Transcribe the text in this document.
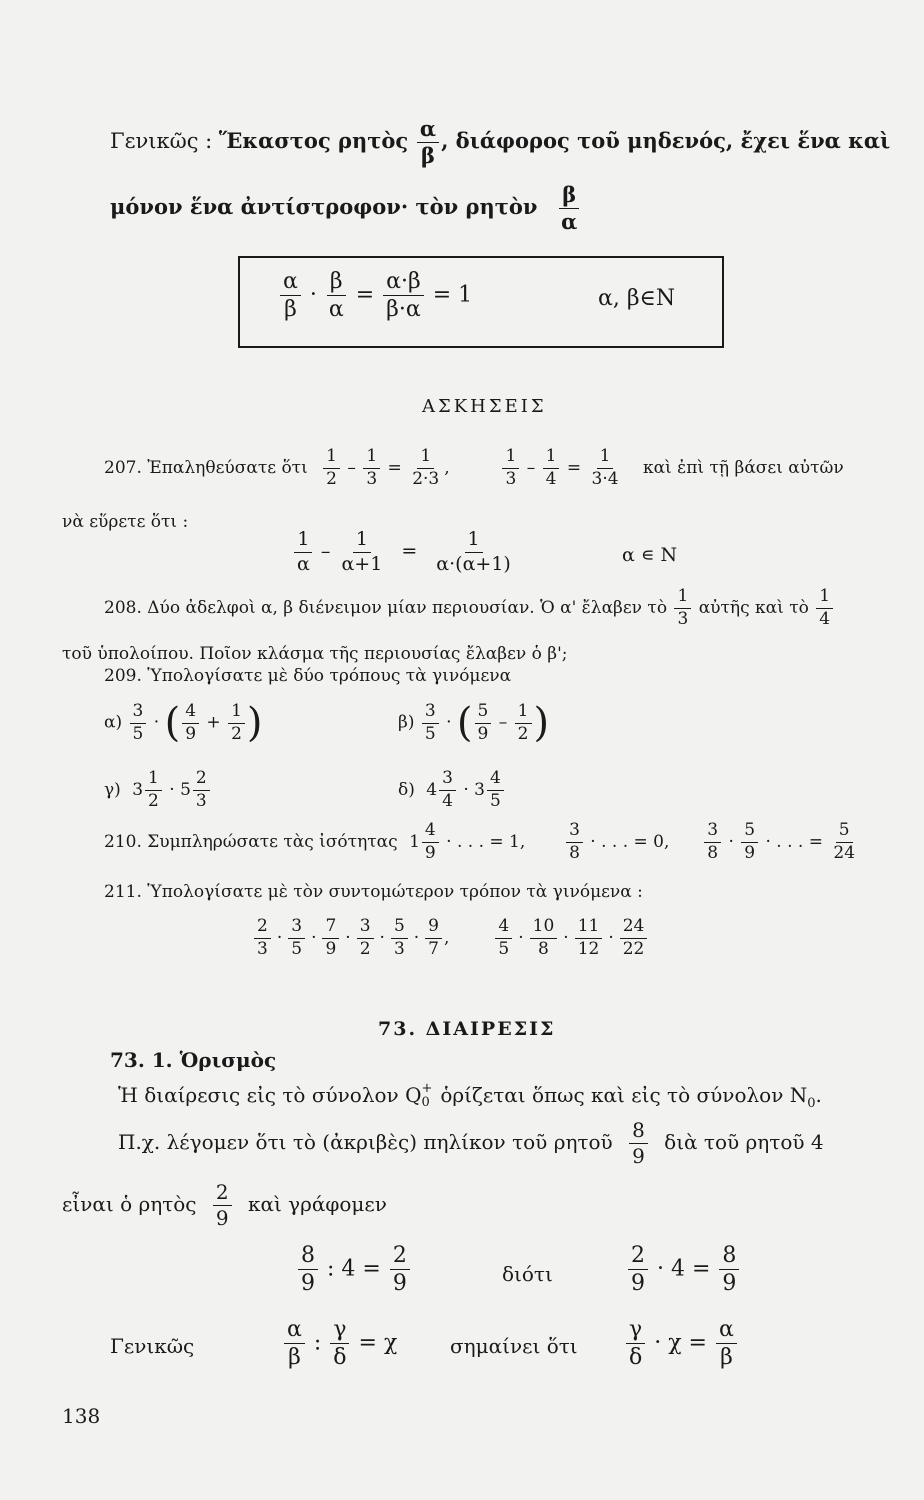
Γενικῶς : Ἕκαστος ρητὸς $\frac{\alpha}{\beta}$ , διάφορος τοῦ μηδενός, ἔχει ἕνα καὶ
μόνον ἕνα ἀντίστροφον· τὸν ρητὸν $\frac{\beta}{\alpha}$
$\frac{\alpha}{\beta} \cdot \frac{\beta}{\alpha} = \frac{\alpha\cdot\beta}{\beta\cdot\alpha} = 1$	α, β∈N
ΑΣΚΗΣΕΙΣ
207. Ἐπαληθεύσατε ὅτι $\frac{1}{2} - \frac{1}{3} = \frac{1}{2\cdot 3}$ ,	$\frac{1}{3} - \frac{1}{4} = \frac{1}{3\cdot 4}$ καὶ ἐπὶ τῇ βάσει αὐτῶν
νὰ εὕρετε ὅτι :
$\frac{1}{\alpha} - \frac{1}{\alpha+1} = \frac{1}{\alpha\cdot(\alpha+1)}$	α ∊ N
208. Δύο ἀδελφοὶ α, β διένειμον μίαν περιουσίαν. Ὁ α' ἔλαβεν τὸ $\frac{1}{3}$ αὐτῆς καὶ τὸ $\frac{1}{4}$
τοῦ ὑπολοίπου. Ποῖον κλάσμα τῆς περιουσίας ἔλαβεν ὁ β';
209. Ὑπολογίσατε μὲ δύο τρόπους τὰ γινόμενα
$\alpha) \frac{3}{5}$ · ( $\frac{4}{9} + \frac{1}{2}$ )	$\beta) \frac{3}{5}$ · ( $\frac{5}{9} - \frac{1}{2}$ )
γ) $3 \frac{1}{2} \cdot 5 \frac{2}{3}$	δ) $4 \frac{3}{4} \cdot 3 \frac{4}{5}$
210. Συμπληρώσατε τὰς ἰσότητας $1 \frac{4}{9}$ · . . . = 1, $\frac{3}{8}$ · . . . = 0, $\frac{3}{8} \cdot \frac{5}{9}$ · . . . = $\frac{5}{24}$
211. Ὑπολογίσατε μὲ τὸν συντομώτερον τρόπον τὰ γινόμενα :
$\frac{2}{3} \cdot \frac{3}{5} \cdot \frac{7}{9} \cdot \frac{3}{2} \cdot \frac{5}{3} \cdot \frac{9}{7}$ ,	$\frac{4}{5} \cdot \frac{10}{8} \cdot \frac{11}{12} \cdot \frac{24}{22}$
73. ΔΙΑΙΡΕΣΙΣ
73. 1. Ὁρισμὸς
Ἡ διαίρεσις εἰς τὸ σύνολον Q +
0 ὁρίζεται ὅπως καὶ εἰς τὸ σύνολον $N_0$.
Π.χ. λέγομεν ὅτι τὸ (ἀκριβὲς) πηλίκον τοῦ ρητοῦ $\frac{8}{9}$ διὰ τοῦ ρητοῦ 4
εἶναι ὁ ρητὸς $\frac{2}{9}$ καὶ γράφομεν
$\frac{8}{9}$ : $4 = \frac{2}{9}$	διότι	$\frac{2}{9} \cdot 4 = \frac{8}{9}$
Γενικῶς	$\frac{\alpha}{\beta}$ : $\frac{\gamma}{\delta} = \chi$	σημαίνει ὅτι $\frac{\gamma}{\delta} \cdot \chi = \frac{\alpha}{\beta}$
138
